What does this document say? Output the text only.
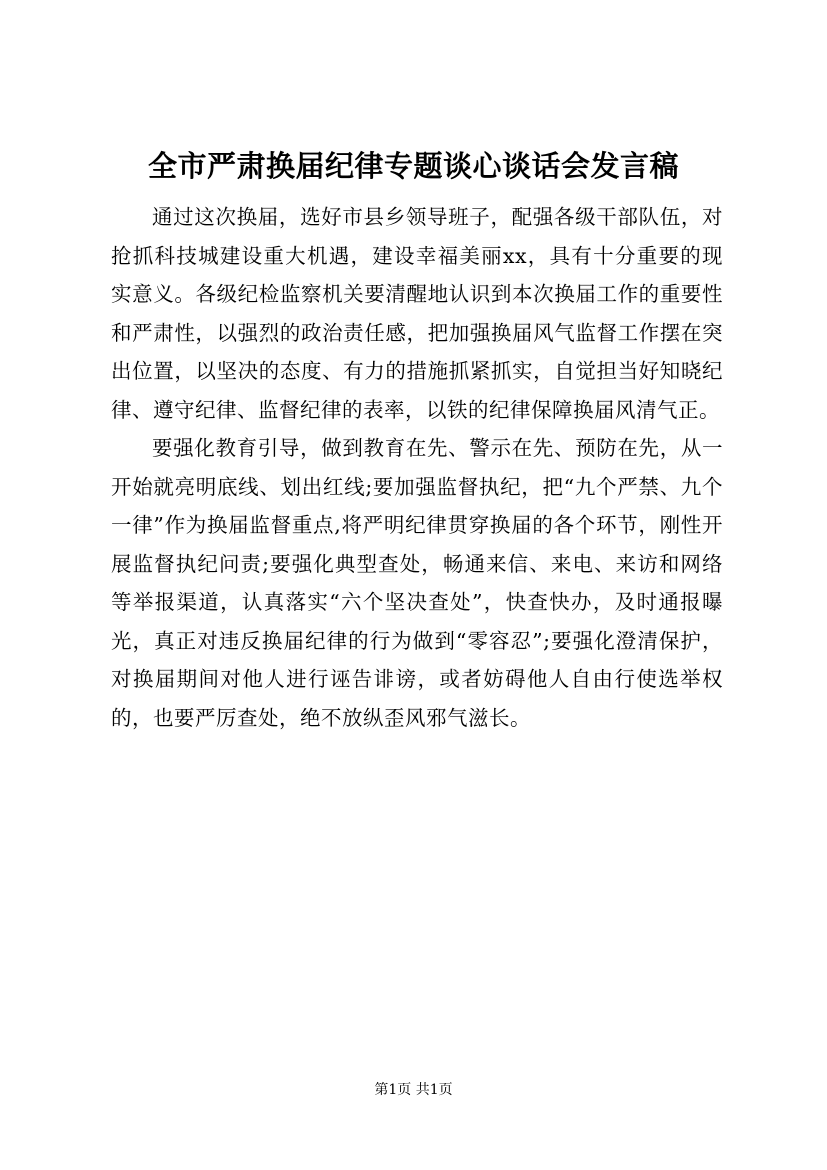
全市严肃换届纪律专题谈心谈话会发言稿

通过这次换届，选好市县乡领导班子，配强各级干部队伍，对抢抓科技城建设重大机遇，建设幸福美丽xx，具有十分重要的现实意义。各级纪检监察机关要清醒地认识到本次换届工作的重要性和严肃性，以强烈的政治责任感，把加强换届风气监督工作摆在突出位置，以坚决的态度、有力的措施抓紧抓实，自觉担当好知晓纪律、遵守纪律、监督纪律的表率，以铁的纪律保障换届风清气正。

要强化教育引导，做到教育在先、警示在先、预防在先，从一开始就亮明底线、划出红线;要加强监督执纪，把“九个严禁、九个一律”作为换届监督重点,将严明纪律贯穿换届的各个环节，刚性开展监督执纪问责;要强化典型查处，畅通来信、来电、来访和网络等举报渠道，认真落实“六个坚决查处”，快查快办，及时通报曝光，真正对违反换届纪律的行为做到“零容忍”;要强化澄清保护，对换届期间对他人进行诬告诽谤，或者妨碍他人自由行使选举权的，也要严厉查处，绝不放纵歪风邪气滋长。

第1页 共1页
